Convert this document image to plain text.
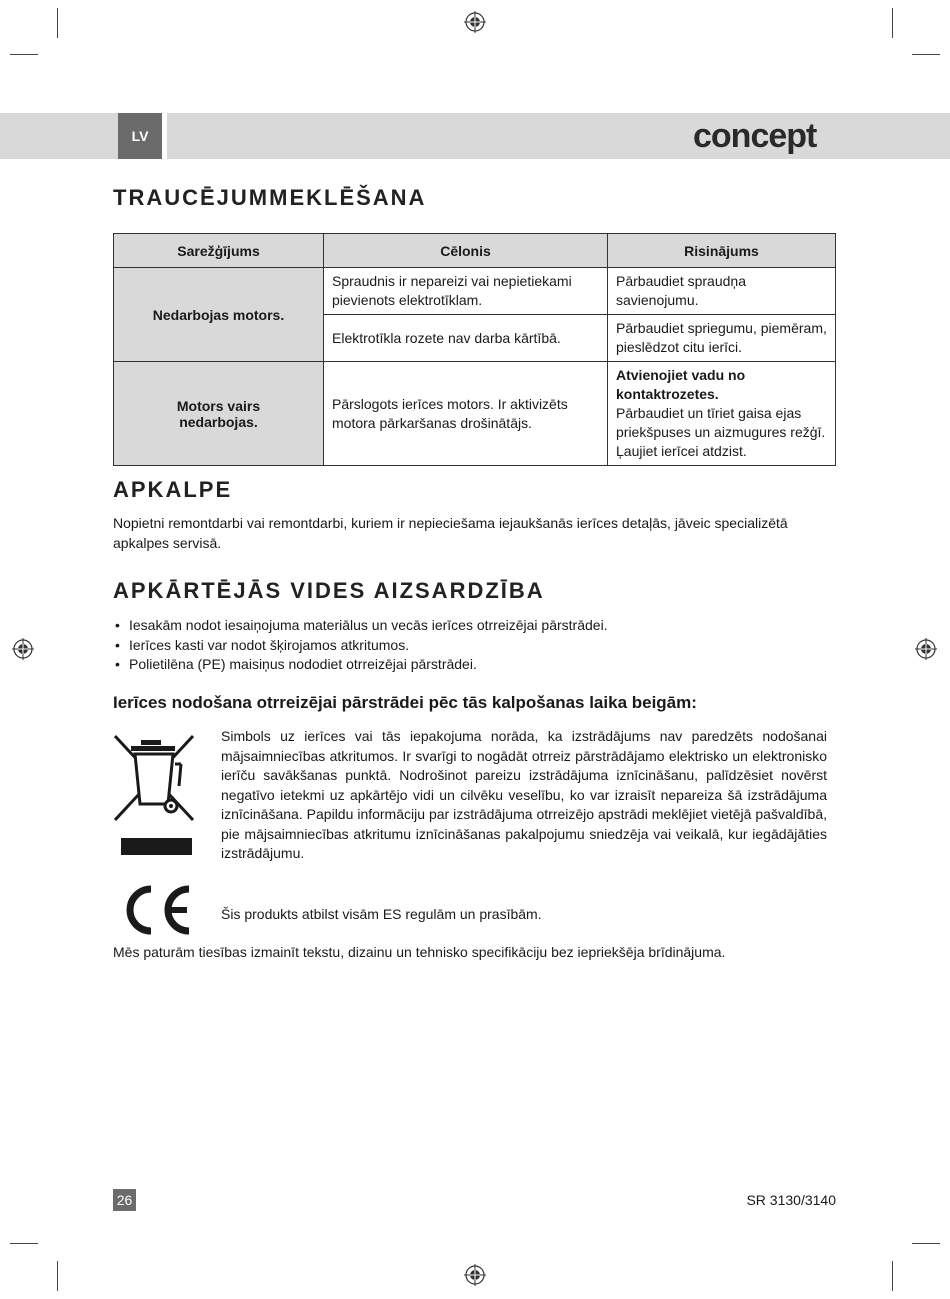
LV	concept
TRAUCĒJUMMEKLĒŠANA
Sarežģījums	Cēlonis	Risinājums
Nedarbojas motors.	Spraudnis ir nepareizi vai nepietiekami pievienots elektrotīklam.	Pārbaudiet spraudņa savienojumu.
	Elektrotīkla rozete nav darba kārtībā.	Pārbaudiet spriegumu, piemēram, pieslēdzot citu ierīci.
Motors vairs nedarbojas.	Pārslogots ierīces motors. Ir aktivizēts motora pārkaršanas drošinātājs.	Atvienojiet vadu no kontaktrozetes.
Pārbaudiet un tīriet gaisa ejas priekšpuses un aizmugures režģī. Ļaujiet ierīcei atdzist.
APKALPE

Nopietni remontdarbi vai remontdarbi, kuriem ir nepieciešama iejaukšanās ierīces detaļās, jāveic specializētā apkalpes servisā.

APKĀRTĒJĀS VIDES AIZSARDZĪBA
• Iesakām nodot iesaiņojuma materiālus un vecās ierīces otrreizējai pārstrādei.
• Ierīces kasti var nodot šķirojamos atkritumos.
• Polietilēna (PE) maisiņus nododiet otrreizējai pārstrādei.
Ierīces nodošana otrreizējai pārstrādei pēc tās kalpošanas laika beigām:

Simbols uz ierīces vai tās iepakojuma norāda, ka izstrādājums nav paredzēts nodošanai mājsaimniecības atkritumos. Ir svarīgi to nogādāt otrreiz pārstrādājamo elektrisko un elektronisko ierīču savākšanas punktā. Nodrošinot pareizu izstrādājuma iznīcināšanu, palīdzēsiet novērst negatīvo ietekmi uz apkārtējo vidi un cilvēku veselību, ko var izraisīt nepareiza šā izstrādājuma iznīcināšana. Papildu informāciju par izstrādājuma otrreizējo apstrādi meklējiet vietējā pašvaldībā, pie mājsaimniecības atkritumu iznīcināšanas pakalpojumu sniedzēja vai veikalā, kur iegādājāties izstrādājumu.

Šis produkts atbilst visām ES regulām un prasībām.

Mēs paturām tiesības izmainīt tekstu, dizainu un tehnisko specifikāciju bez iepriekšēja brīdinājuma.

26	SR 3130/3140
